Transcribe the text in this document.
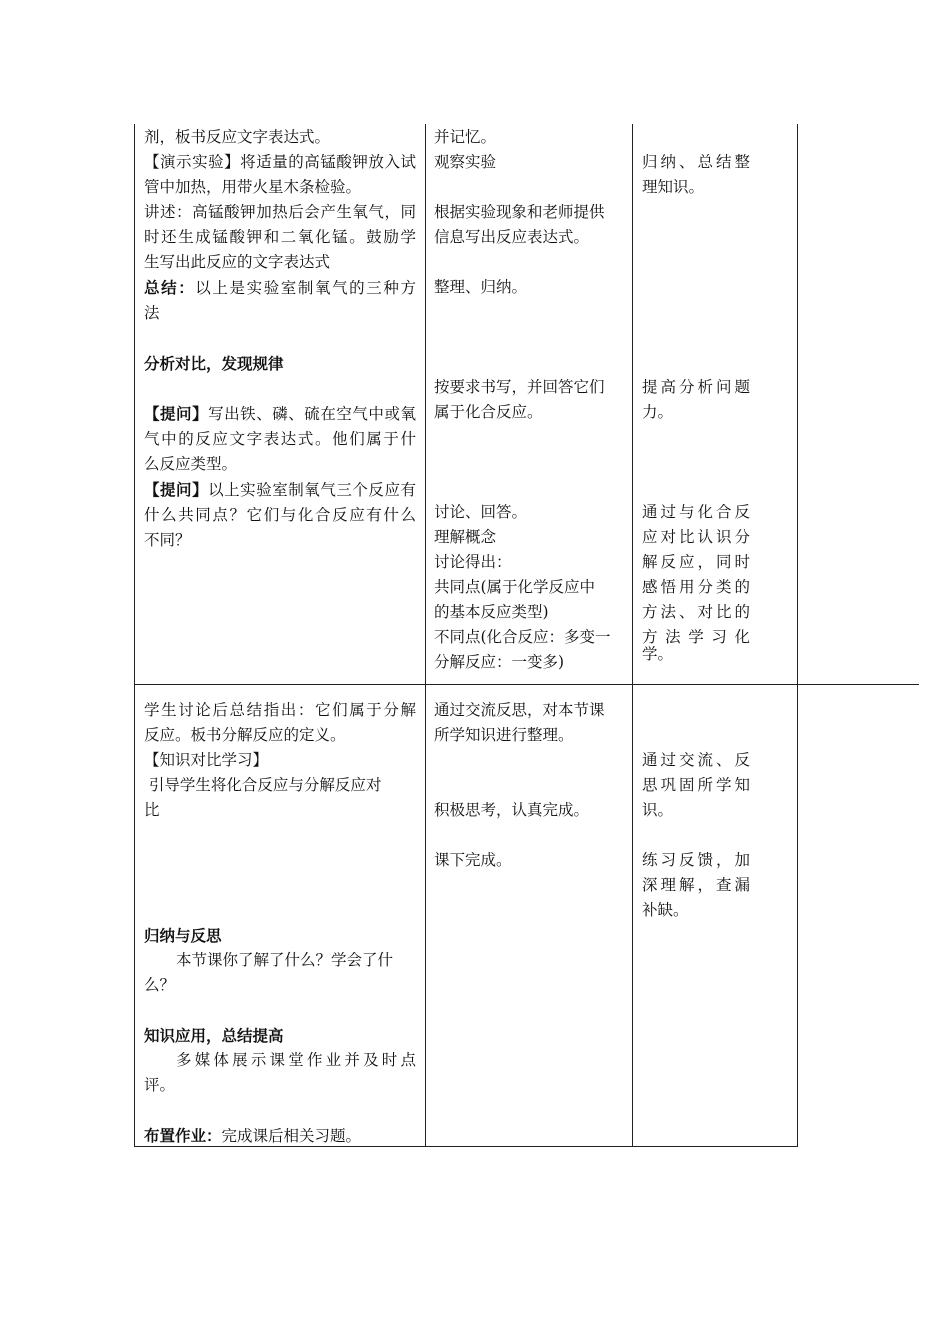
剂，板书反应文字表达式。
【演示实验】将适量的高锰酸钾放入试
管中加热，用带火星木条检验。
讲述：高锰酸钾加热后会产生氧气，同
时还生成锰酸钾和二氧化锰。鼓励学
生写出此反应的文字表达式
总结：以上是实验室制氧气的三种方
法
分析对比，发现规律
【提问】写出铁、磷、硫在空气中或氧
气中的反应文字表达式。他们属于什
么反应类型。
【提问】以上实验室制氧气三个反应有
什么共同点？它们与化合反应有什么
不同？
学生讨论后总结指出：它们属于分解
反应。板书分解反应的定义。
【知识对比学习】
引导学生将化合反应与分解反应对
比
归纳与反思
本节课你了解了什么？学会了什
么？
知识应用，总结提高
多媒体展示课堂作业并及时点
评。
布置作业：完成课后相关习题。
并记忆。
观察实验
根据实验现象和老师提供
信息写出反应表达式。
整理、归纳。
按要求书写，并回答它们
属于化合反应。
讨论、回答。
理解概念
讨论得出：
共同点(属于化学反应中
的基本反应类型)
不同点(化合反应：多变一
分解反应：一变多)
通过交流反思，对本节课
所学知识进行整理。
积极思考，认真完成。
课下完成。
归纳、总结整
理知识。
提高分析问题
力。
通过与化合反
应对比认识分
解反应，同时
感悟用分类的
方法、对比的
方法学习化
学。
通过交流、反
思巩固所学知
识。
练习反馈，加
深理解，查漏
补缺。
